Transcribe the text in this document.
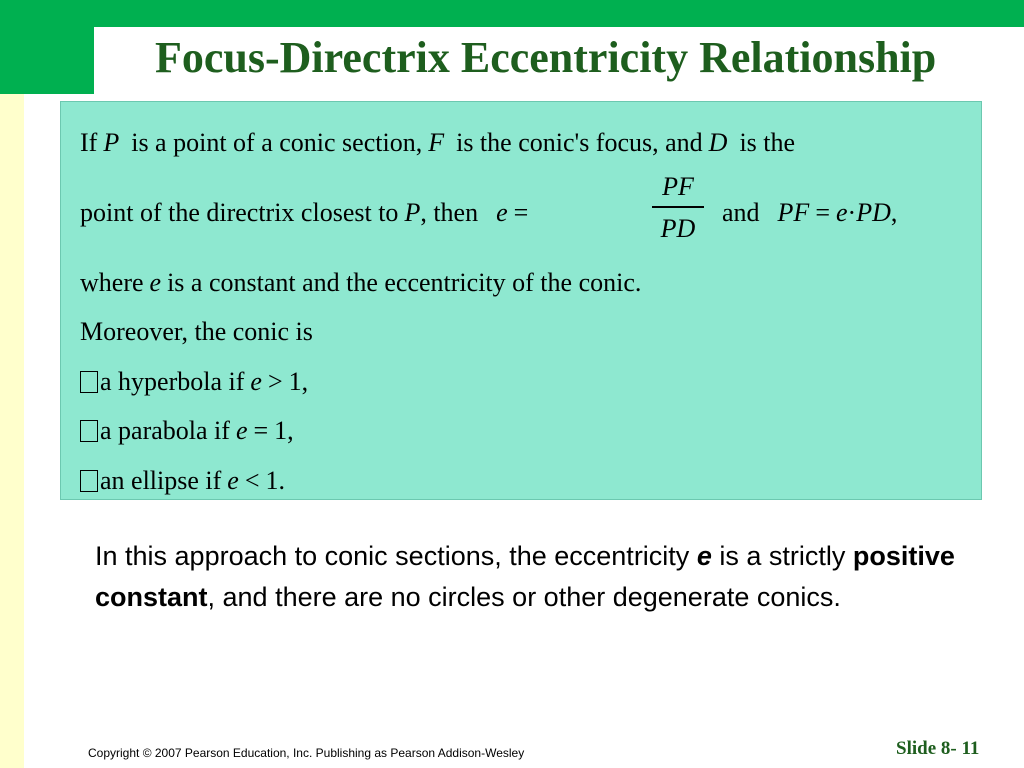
Focus-Directrix Eccentricity Relationship
If P is a point of a conic section, F is the conic's focus, and D is the
point of the directrix closest to P, then e =
PF
PD
and PF = e·PD,
where e is a constant and the eccentricity of the conic.
Moreover, the conic is
a hyperbola if e > 1,
a parabola if e = 1,
an ellipse if e < 1.
In this approach to conic sections, the eccentricity e is a strictly positive constant, and there are no circles or other degenerate conics.
Copyright © 2007 Pearson Education, Inc. Publishing as Pearson Addison-Wesley	Slide 8- 11
